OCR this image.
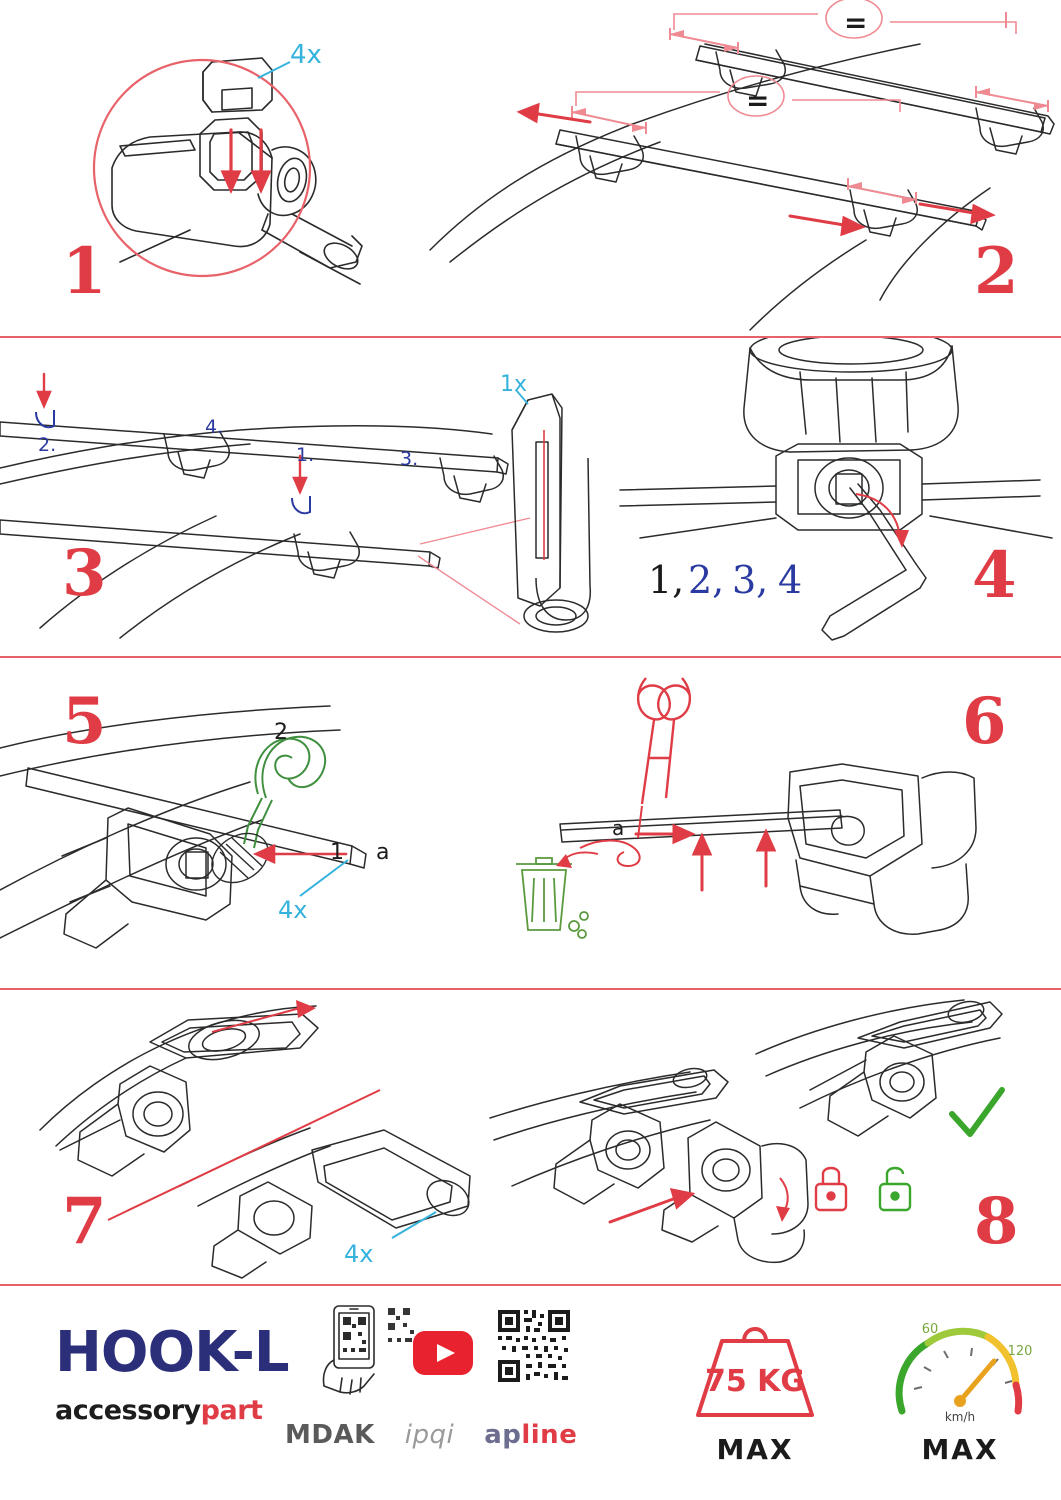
4x
1
=
=
2
1.
2.
3.
4.
1x
3	1, 2, 3, 4	4
1
2
a
4x
5
a
6
4x
7	8
HOOK-L
accessorypart
MDAK ipqi apline
75 KG
MAX
60
120
km/h
MAX
